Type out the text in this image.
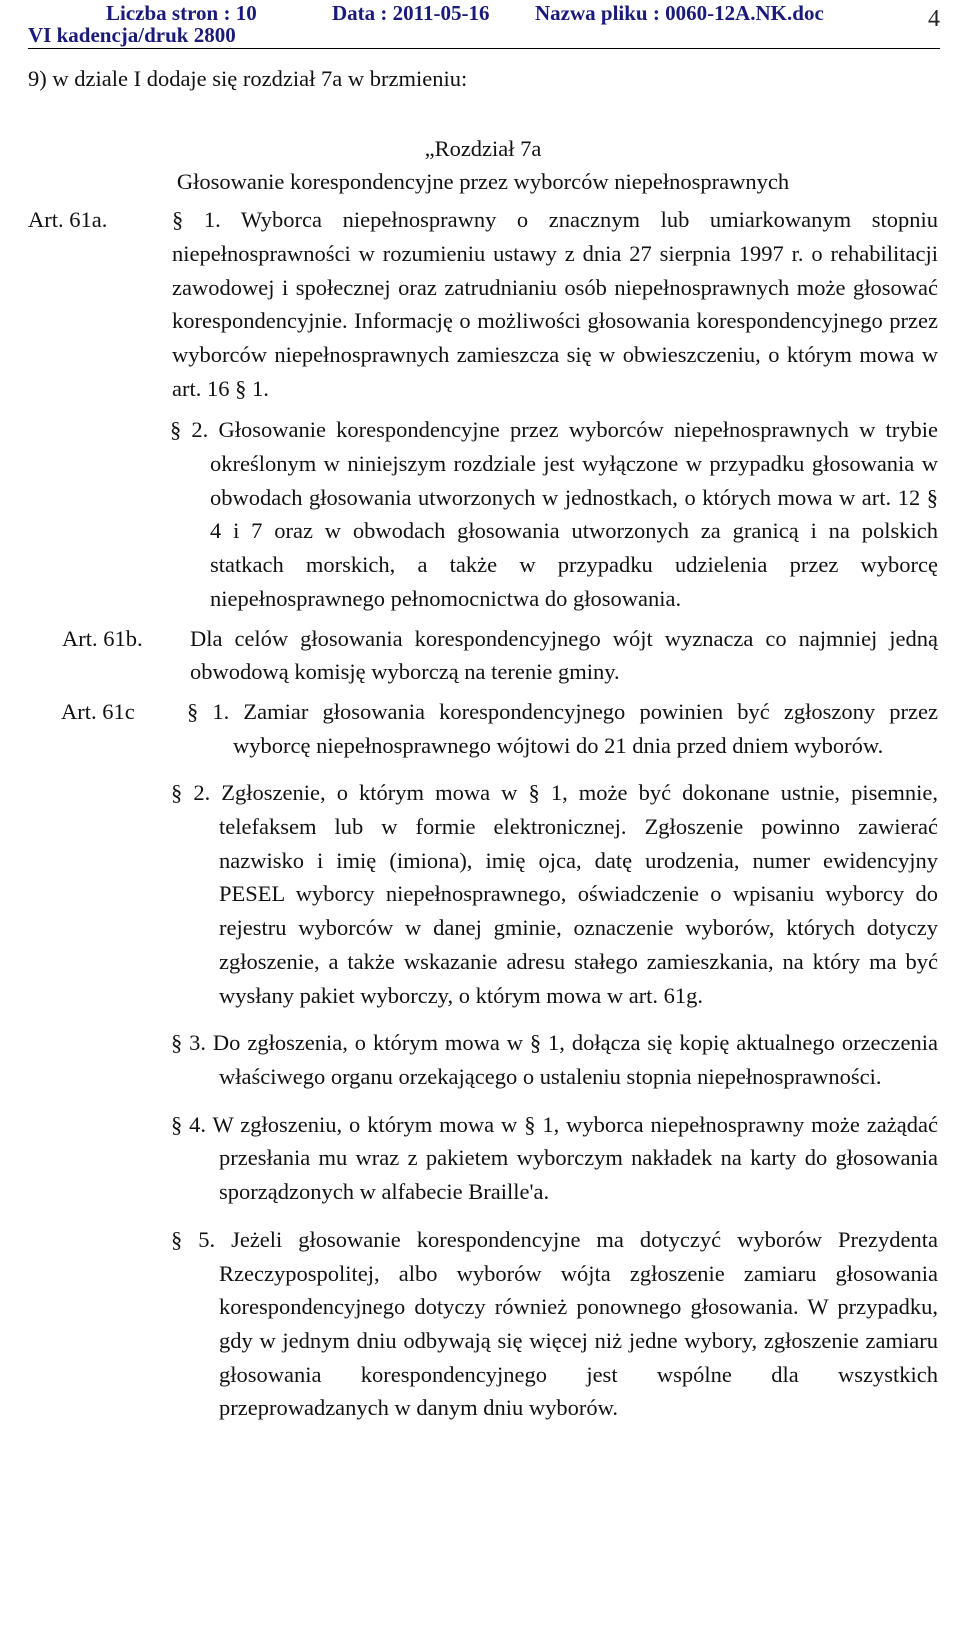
Liczba stron : 10	Data : 2011-05-16 Nazwa pliku : 0060-12A.NK.doc
VI kadencja/druk 2800
4

9) w dziale I dodaje się rozdział 7a w brzmieniu:

„Rozdział 7a
Głosowanie korespondencyjne przez wyborców niepełnosprawnych
Art. 61a.	§ 1. Wyborca niepełnosprawny o znacznym lub umiarkowanym stopniu niepełnosprawności w rozumieniu ustawy z dnia 27 sierpnia 1997 r. o rehabilitacji zawodowej i społecznej oraz zatrudnianiu osób niepełnosprawnych może głosować korespondencyjnie. Informację o możliwości głosowania korespondencyjnego przez wyborców niepełnosprawnych zamieszcza się w obwieszczeniu, o którym mowa w art. 16 § 1.

§ 2. Głosowanie korespondencyjne przez wyborców niepełnosprawnych w trybie określonym w niniejszym rozdziale jest wyłączone w przypadku głosowania w obwodach głosowania utworzonych w jednostkach, o których mowa w art. 12 § 4 i 7 oraz w obwodach głosowania utworzonych za granicą i na polskich statkach morskich, a także w przypadku udzielenia przez wyborcę niepełnosprawnego pełnomocnictwa do głosowania.

Art. 61b.	Dla celów głosowania korespondencyjnego wójt wyznacza co najmniej jedną obwodową komisję wyborczą na terenie gminy.
Art. 61c	§ 1. Zamiar głosowania korespondencyjnego powinien być zgłoszony przez wyborcę niepełnosprawnego wójtowi do 21 dnia przed dniem wyborów.

§ 2. Zgłoszenie, o którym mowa w § 1, może być dokonane ustnie, pisemnie, telefaksem lub w formie elektronicznej. Zgłoszenie powinno zawierać nazwisko i imię (imiona), imię ojca, datę urodzenia, numer ewidencyjny PESEL wyborcy niepełnosprawnego, oświadczenie o wpisaniu wyborcy do rejestru wyborców w danej gminie, oznaczenie wyborów, których dotyczy zgłoszenie, a także wskazanie adresu stałego zamieszkania, na który ma być wysłany pakiet wyborczy, o którym mowa w art. 61g.

§ 3. Do zgłoszenia, o którym mowa w § 1, dołącza się kopię aktualnego orzeczenia właściwego organu orzekającego o ustaleniu stopnia niepełnosprawności.

§ 4. W zgłoszeniu, o którym mowa w § 1, wyborca niepełnosprawny może zażądać przesłania mu wraz z pakietem wyborczym nakładek na karty do głosowania sporządzonych w alfabecie Braille'a.

§ 5. Jeżeli głosowanie korespondencyjne ma dotyczyć wyborów Prezydenta Rzeczypospolitej, albo wyborów wójta zgłoszenie zamiaru głosowania korespondencyjnego dotyczy również ponownego głosowania. W przypadku, gdy w jednym dniu odbywają się więcej niż jedne wybory, zgłoszenie zamiaru głosowania korespondencyjnego jest wspólne dla wszystkich przeprowadzanych w danym dniu wyborów.
